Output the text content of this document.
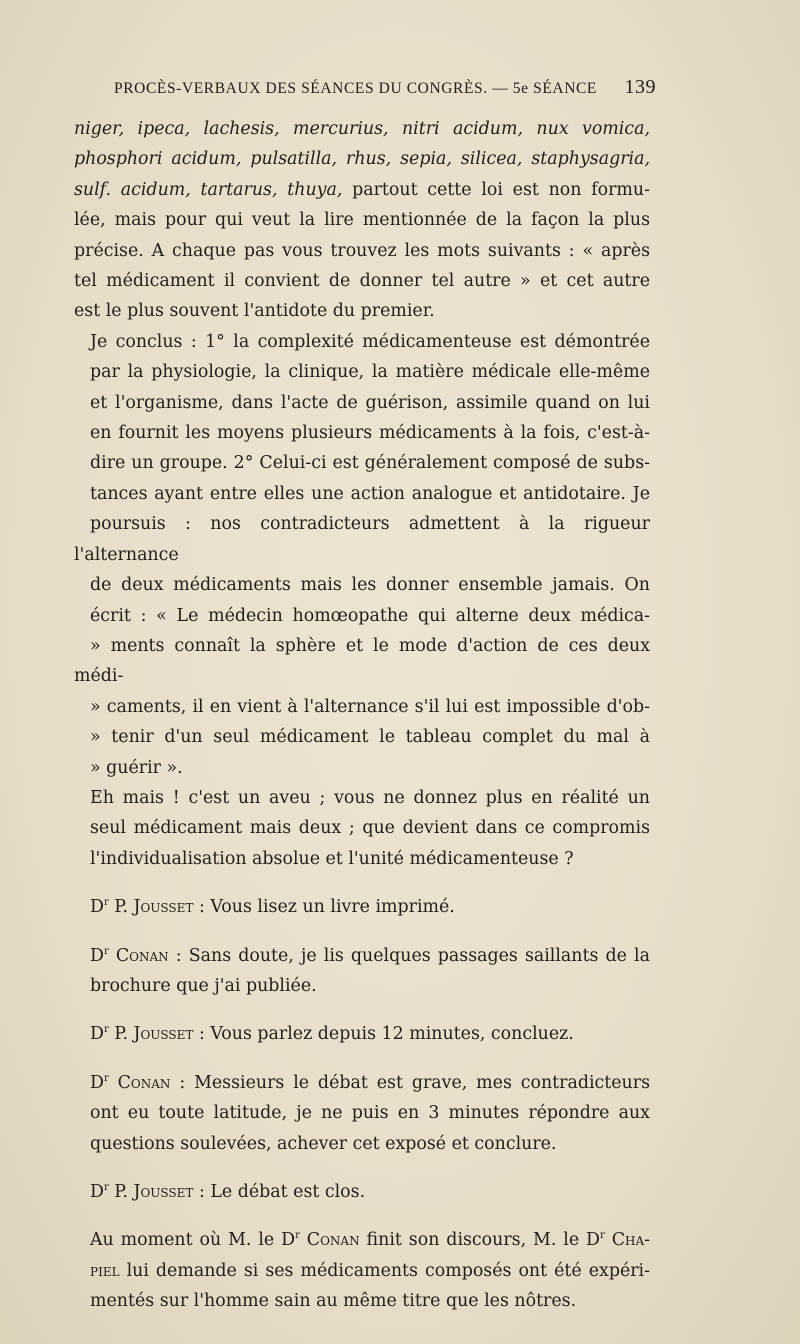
PROCÈS-VERBAUX DES SÉANCES DU CONGRÈS. — 5e SÉANCE	139

niger, ipeca, lachesis, mercurius, nitri acidum, nux vomica,
phosphori acidum, pulsatilla, rhus, sepia, silicea, staphysagria,
sulf. acidum, tartarus, thuya, partout cette loi est non formu-
lée, mais pour qui veut la lire mentionnée de la façon la plus
précise. A chaque pas vous trouvez les mots suivants : « après
tel médicament il convient de donner tel autre » et cet autre
est le plus souvent l'antidote du premier.

Je conclus : 1° la complexité médicamenteuse est démontrée
par la physiologie, la clinique, la matière médicale elle-même
et l'organisme, dans l'acte de guérison, assimile quand on lui
en fournit les moyens plusieurs médicaments à la fois, c'est-à-
dire un groupe. 2° Celui-ci est généralement composé de subs-
tances ayant entre elles une action analogue et antidotaire. Je
poursuis : nos contradicteurs admettent à la rigueur l'alternance
de deux médicaments mais les donner ensemble jamais. On
écrit : « Le médecin homœopathe qui alterne deux médica-
» ments connaît la sphère et le mode d'action de ces deux médi-
» caments, il en vient à l'alternance s'il lui est impossible d'ob-
» tenir d'un seul médicament le tableau complet du mal à
» guérir ».

Eh mais ! c'est un aveu ; vous ne donnez plus en réalité un
seul médicament mais deux ; que devient dans ce compromis
l'individualisation absolue et l'unité médicamenteuse ?

$D^r$ P. Jousset : Vous lisez un livre imprimé.

$D^r$ Conan : Sans doute, je lis quelques passages saillants de la
brochure que j'ai publiée.

$D^r$ P. Jousset : Vous parlez depuis 12 minutes, concluez.

$D^r$ Conan : Messieurs le débat est grave, mes contradicteurs
ont eu toute latitude, je ne puis en 3 minutes répondre aux
questions soulevées, achever cet exposé et conclure.

$D^r$ P. Jousset : Le débat est clos.

Au moment où M. le $D^r$ Conan finit son discours, M. le $D^r$ Cha-
piel lui demande si ses médicaments composés ont été expéri-
mentés sur l'homme sain au même titre que les nôtres.
